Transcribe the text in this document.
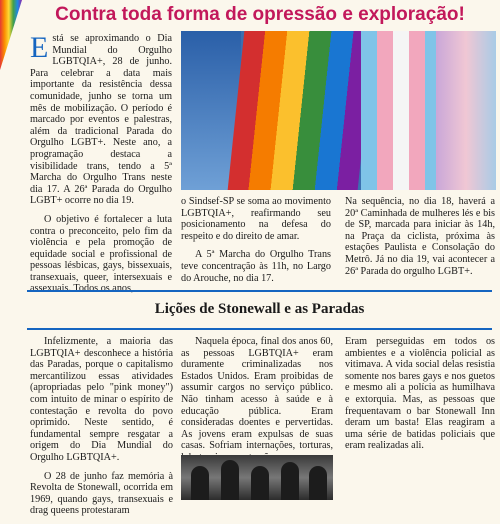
Contra toda forma de opressão e exploração!

Está se aproximando o Dia Mundial do Orgulho LGBTQIA+, 28 de junho. Para celebrar a data mais importante da resistência dessa comunidade, junho se torna um mês de mobilização. O período é marcado por eventos e palestras, além da tradicional Parada do Orgulho LGBT+. Neste ano, a programação destaca a visibilidade trans, tendo a 5ª Marcha do Orgulho Trans neste dia 17. A 26ª Parada do Orgulho LGBT+ ocorre no dia 19.

O objetivo é fortalecer a luta contra o preconceito, pelo fim da violência e pela promoção de equidade social e profissional de pessoas lésbicas, gays, bissexuais, transexuais, queer, intersexuais e assexuais. Todos os anos,

o Sindsef-SP se soma ao movimento LGBTQIA+, reafirmando seu posicionamento na defesa do respeito e do direito de amar.

A 5ª Marcha do Orgulho Trans teve concentração às 11h, no Largo do Arouche, no dia 17.

Na sequência, no dia 18, haverá a 20ª Caminhada de mulheres lés e bis de SP, marcada para iniciar às 14h, na Praça da ciclista, próxima às estações Paulista e Consolação do Metrô. Já no dia 19, vai acontecer a 26ª Parada do orgulho LGBT+.

Lições de Stonewall e as Paradas

Infelizmente, a maioria das LGBTQIA+ desconhece a história das Paradas, porque o capitalismo mercantilizou essas atividades (apropriadas pelo "pink money") com intuito de minar o espírito de contestação e revolta do povo oprimido. Neste sentido, é fundamental sempre resgatar a origem do Dia Mundial do Orgulho LGBTQIA+.

O 28 de junho faz memória à Revolta de Stonewall, ocorrida em 1969, quando gays, transexuais e drag queens protestaram

Naquela época, final dos anos 60, as pessoas LGBTQIA+ eram duramente criminalizadas nos Estados Unidos. Eram proibidas de assumir cargos no serviço público. Não tinham acesso à saúde e à educação pública. Eram consideradas doentes e pervertidas. As jovens eram expulsas de suas casas. Sofriam internações, torturas,

Eram perseguidas em todos os ambientes e a violência policial as vitimava. A vida social delas resistia somente nos bares gays e nos guetos e mesmo ali a polícia as humilhava e extorquia. Mas, as pessoas que frequentavam o bar Stonewall Inn deram um basta! Elas reagiram a uma série de batidas policiais que eram realizadas ali.
